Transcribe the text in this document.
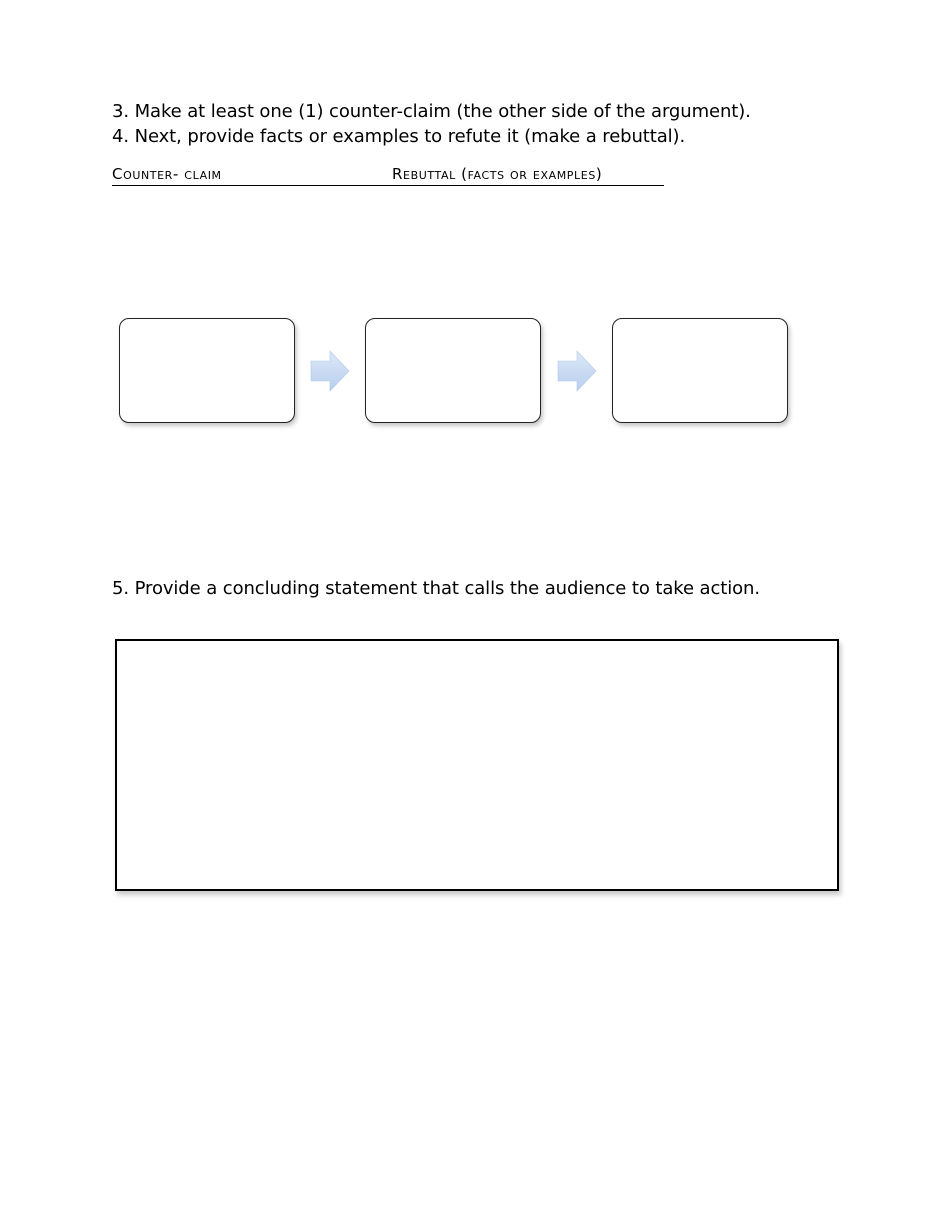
3. Make at least one (1) counter-claim (the other side of the argument).
4. Next, provide facts or examples to refute it (make a rebuttal).
Counter- claim	Rebuttal (facts or examples)
5. Provide a concluding statement that calls the audience to take action.
